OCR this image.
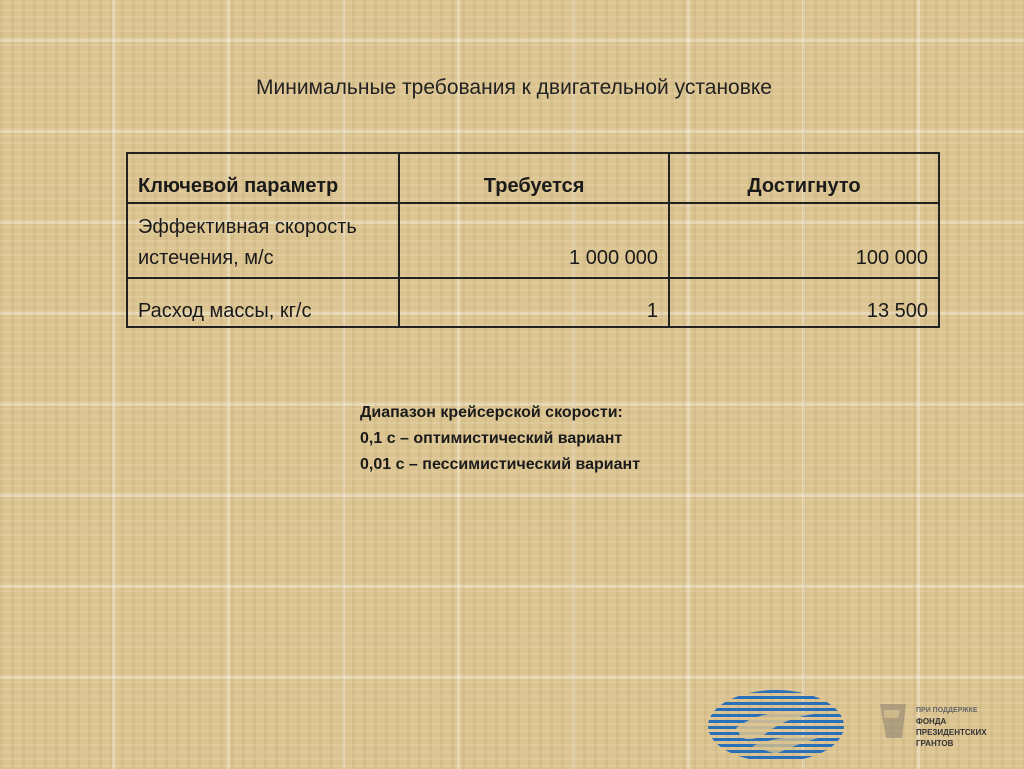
Минимальные требования к двигательной установке
Ключевой параметр	Требуется	Достигнуто
Эффективная скорость истечения, м/с	1 000 000	100 000
Расход массы, кг/с	1	13 500
Диапазон крейсерской скорости:
0,1 c – оптимистический вариант
0,01 c – пессимистический вариант
ПРИ ПОДДЕРЖКЕ
ФОНДА
ПРЕЗИДЕНТСКИХ
ГРАНТОВ
